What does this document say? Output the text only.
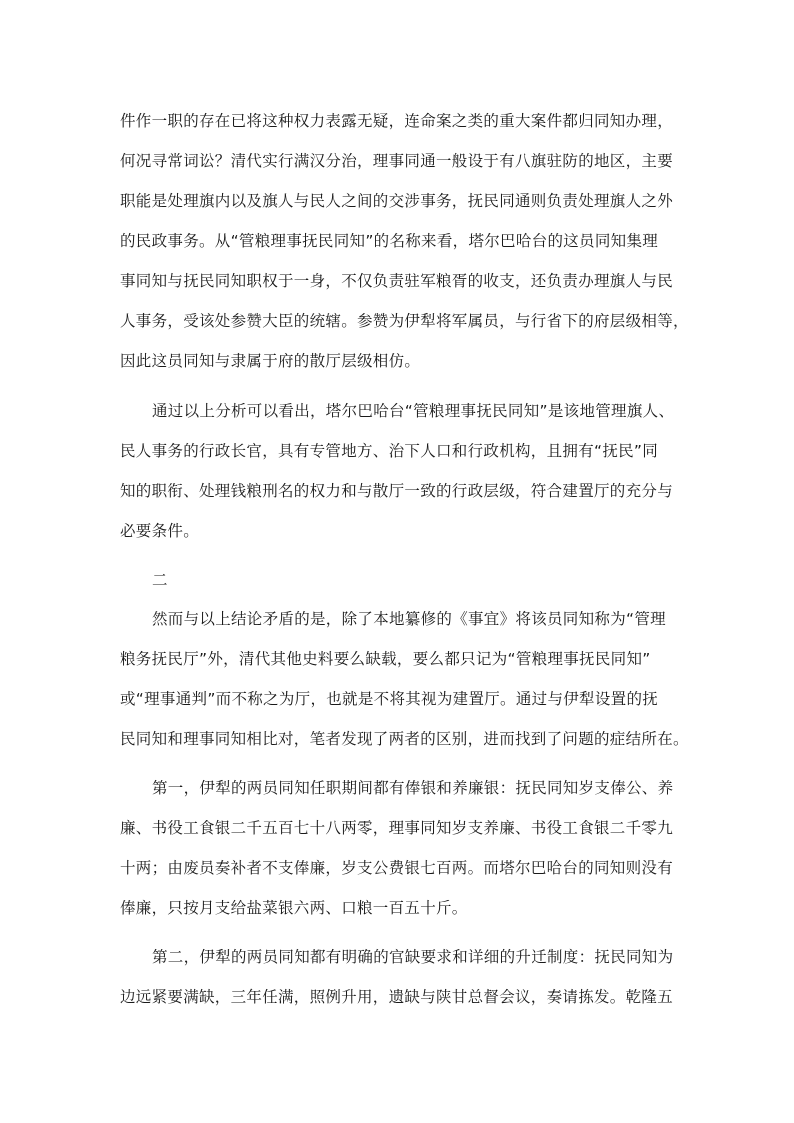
件作一职的存在已将这种权力表露无疑，连命案之类的重大案件都归同知办理，
何况寻常词讼？清代实行满汉分治，理事同通一般设于有八旗驻防的地区，主要
职能是处理旗内以及旗人与民人之间的交涉事务，抚民同通则负责处理旗人之外
的民政事务。从“管粮理事抚民同知”的名称来看，塔尔巴哈台的这员同知集理
事同知与抚民同知职权于一身，不仅负责驻军粮胥的收支，还负责办理旗人与民
人事务，受该处参赞大臣的统辖。参赞为伊犁将军属员，与行省下的府层级相等，
因此这员同知与隶属于府的散厅层级相仿。
通过以上分析可以看出，塔尔巴哈台“管粮理事抚民同知”是该地管理旗人、
民人事务的行政长官，具有专管地方、治下人口和行政机构，且拥有“抚民”同
知的职衔、处理钱粮刑名的权力和与散厅一致的行政层级，符合建置厅的充分与
必要条件。
二
然而与以上结论矛盾的是，除了本地纂修的《事宜》将该员同知称为“管理
粮务抚民厅”外，清代其他史料要么缺载，要么都只记为“管粮理事抚民同知”
或“理事通判”而不称之为厅，也就是不将其视为建置厅。通过与伊犁设置的抚
民同知和理事同知相比对，笔者发现了两者的区别，进而找到了问题的症结所在。
第一，伊犁的两员同知任职期间都有俸银和养廉银：抚民同知岁支俸公、养
廉、书役工食银二千五百七十八两零，理事同知岁支养廉、书役工食银二千零九
十两；由废员奏补者不支俸廉，岁支公费银七百两。而塔尔巴哈台的同知则没有
俸廉，只按月支给盐菜银六两、口粮一百五十斤。
第二，伊犁的两员同知都有明确的官缺要求和详细的升迁制度：抚民同知为
边远紧要满缺，三年任满，照例升用，遗缺与陕甘总督会议，奏请拣发。乾隆五
